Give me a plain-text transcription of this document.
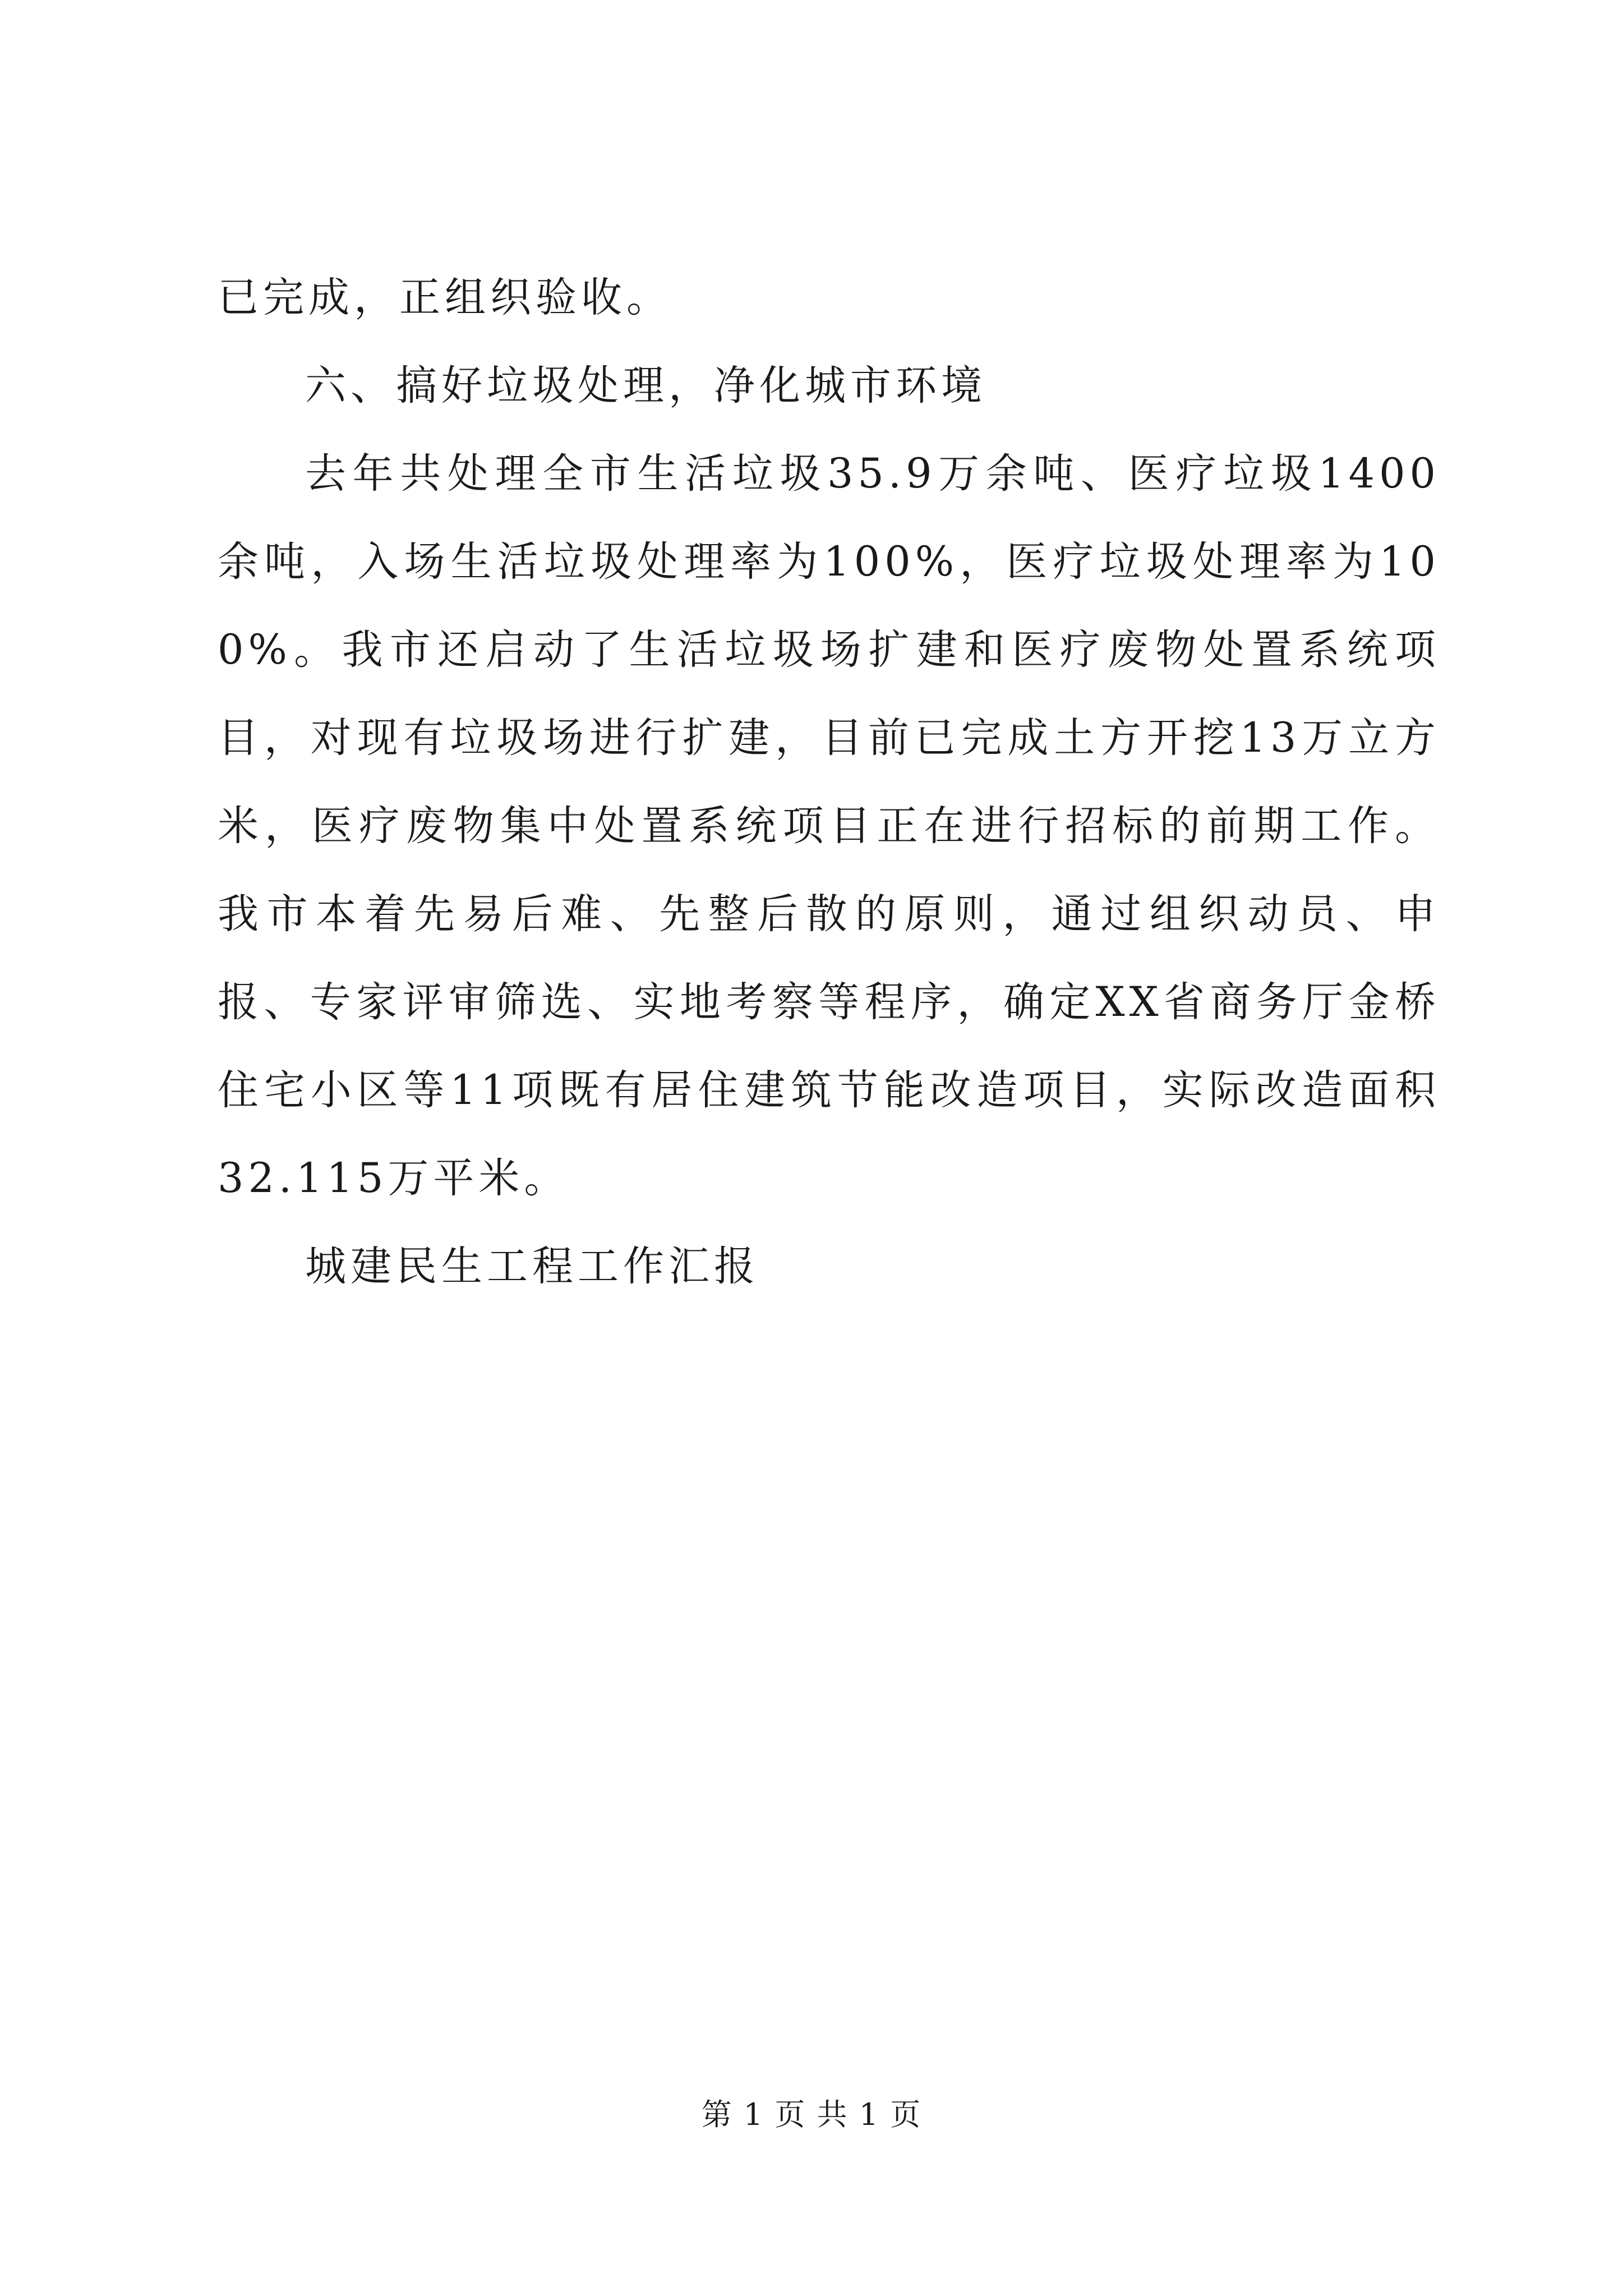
已完成，正组织验收。

六、搞好垃圾处理，净化城市环境

去年共处理全市生活垃圾35.9万余吨、医疗垃圾1400余吨，入场生活垃圾处理率为100%，医疗垃圾处理率为100%。我市还启动了生活垃圾场扩建和医疗废物处置系统项目，对现有垃圾场进行扩建，目前已完成土方开挖13万立方米，医疗废物集中处置系统项目正在进行招标的前期工作。我市本着先易后难、先整后散的原则，通过组织动员、申报、专家评审筛选、实地考察等程序，确定XX省商务厅金桥住宅小区等11项既有居住建筑节能改造项目，实际改造面积32.115万平米。

城建民生工程工作汇报

第 1 页 共 1 页
